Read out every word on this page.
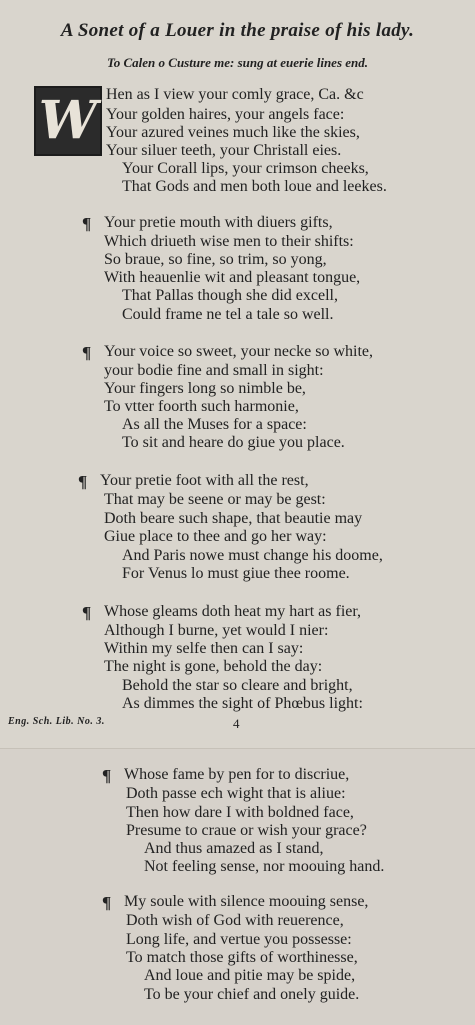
A Sonet of a Louer in the praise of his lady.
To Calen o Custure me: sung at euerie lines end.
W Hen as I view your comly grace, Ca. &c
Your golden haires, your angels face:
Your azured veines much like the skies,
Your siluer teeth, your Christall eies.
Your Corall lips, your crimson cheeks,
That Gods and men both loue and leekes.
¶ Your pretie mouth with diuers gifts,
Which driueth wise men to their shifts:
So braue, so fine, so trim, so yong,
With heauenlie wit and pleasant tongue,
That Pallas though she did excell,
Could frame ne tel a tale so well.
¶ Your voice so sweet, your necke so white,
your bodie fine and small in sight:
Your fingers long so nimble be,
To vtter foorth such harmonie,
As all the Muses for a space:
To sit and heare do giue you place.
¶ Your pretie foot with all the rest,
That may be seene or may be gest:
Doth beare such shape, that beautie may
Giue place to thee and go her way:
And Paris nowe must change his doome,
For Venus lo must giue thee roome.
¶ Whose gleams doth heat my hart as fier,
Although I burne, yet would I nier:
Within my selfe then can I say:
The night is gone, behold the day:
Behold the star so cleare and bright,
As dimmes the sight of Phœbus light:
Eng. Sch. Lib. No. 3.	4
¶ Whose fame by pen for to discriue,
Doth passe ech wight that is aliue:
Then how dare I with boldned face,
Presume to craue or wish your grace?
And thus amazed as I stand,
Not feeling sense, nor moouing hand.
¶ My soule with silence moouing sense,
Doth wish of God with reuerence,
Long life, and vertue you possesse:
To match those gifts of worthinesse,
And loue and pitie may be spide,
To be your chief and onely guide.
